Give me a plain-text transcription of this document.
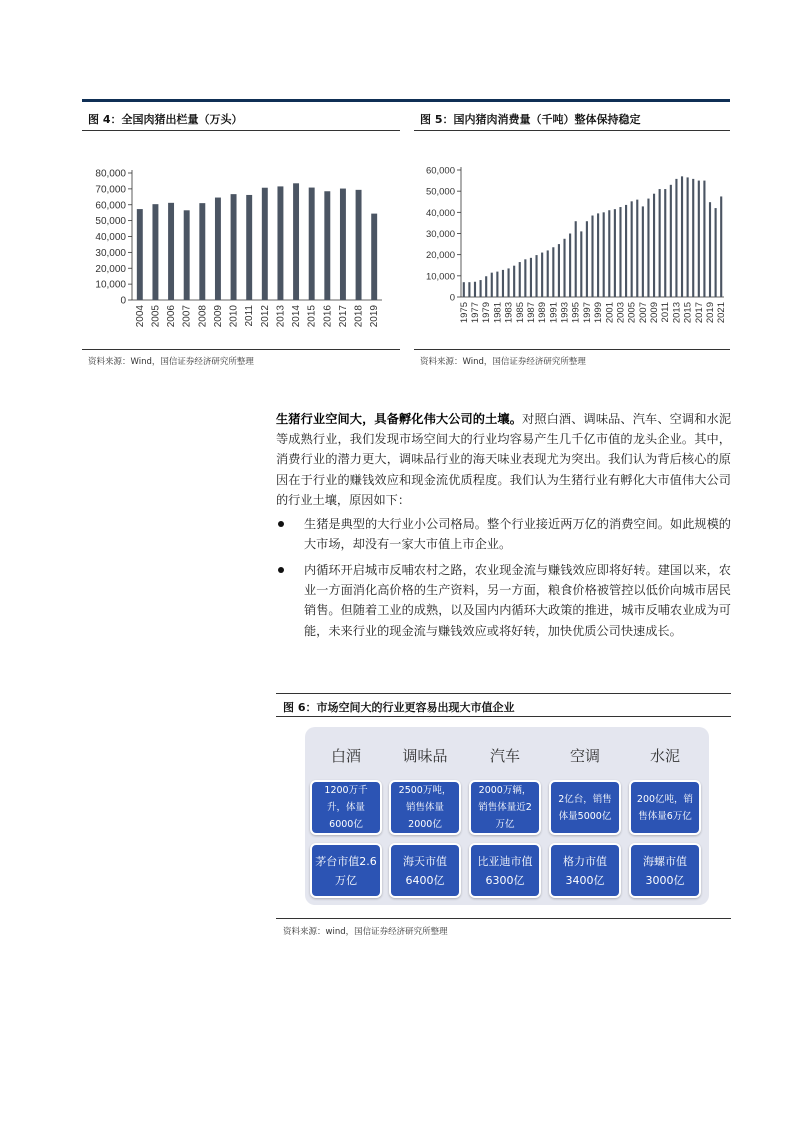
图 4：全国肉猪出栏量（万头）
0
10,000
20,000
30,000
40,000
50,000
60,000
70,000
80,000
2004 2005 2006 2007 2008 2009 2010 2011 2012 2013 2014 2015 2016 2017 2018 2019
资料来源：Wind，国信证券经济研究所整理
图 5：国内猪肉消费量（千吨）整体保持稳定
0
10,000
20,000
30,000
40,000
50,000
60,000
1975 1977 1979 1981 1983 1985 1987 1989 1991 1993 1995 1997 1999 2001 2003 2005 2007 2009 2011 2013 2015 2017 2019 2021
资料来源：Wind，国信证券经济研究所整理
生猪行业空间大，具备孵化伟大公司的土壤。对照白酒、调味品、汽车、空调和水泥等成熟行业，我们发现市场空间大的行业均容易产生几千亿市值的龙头企业。其中，消费行业的潜力更大，调味品行业的海天味业表现尤为突出。我们认为背后核心的原因在于行业的赚钱效应和现金流优质程度。我们认为生猪行业有孵化大市值伟大公司的行业土壤，原因如下：
生猪是典型的大行业小公司格局。整个行业接近两万亿的消费空间。如此规模的大市场，却没有一家大市值上市企业。
内循环开启城市反哺农村之路，农业现金流与赚钱效应即将好转。建国以来，农业一方面消化高价格的生产资料，另一方面，粮食价格被管控以低价向城市居民销售。但随着工业的成熟，以及国内内循环大政策的推进，城市反哺农业成为可能，未来行业的现金流与赚钱效应或将好转，加快优质公司快速成长。
图 6：市场空间大的行业更容易出现大市值企业
白酒
1200万千升，体量6000亿
茅台市值2.6万亿
调味品
2500万吨，销售体量2000亿
海天市值6400亿
汽车
2000万辆，销售体量近2万亿
比亚迪市值6300亿
空调
2亿台，销售体量5000亿
格力市值3400亿
水泥
200亿吨，销售体量6万亿
海螺市值3000亿
资料来源：wind，国信证券经济研究所整理
